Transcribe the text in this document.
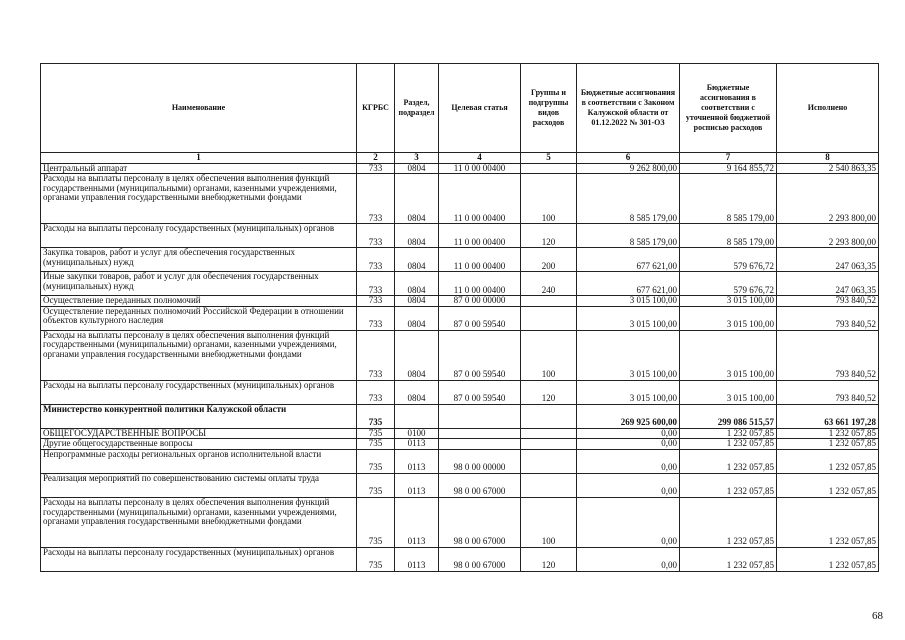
Наименование	КГРБС	Раздел, подраздел	Целевая статья	Группы и подгруппы видов расходов	Бюджетные ассигнования в соответствии с Законом Калужской области от 01.12.2022 № 301-ОЗ	Бюджетные ассигнования в соответствии с уточненной бюджетной росписью расходов	Исполнено
1	2	3	4	5	6	7	8
Центральный аппарат	733	0804	11 0 00 00400		9 262 800,00	9 164 855,72	2 540 863,35
Расходы на выплаты персоналу в целях обеспечения выполнения функций государственными (муниципальными) органами, казенными учреждениями, органами управления государственными внебюджетными фондами	733	0804	11 0 00 00400	100	8 585 179,00	8 585 179,00	2 293 800,00
Расходы на выплаты персоналу государственных (муниципальных) органов	733	0804	11 0 00 00400	120	8 585 179,00	8 585 179,00	2 293 800,00
Закупка товаров, работ и услуг для обеспечения государственных (муниципальных) нужд	733	0804	11 0 00 00400	200	677 621,00	579 676,72	247 063,35
Иные закупки товаров, работ и услуг для обеспечения государственных (муниципальных) нужд	733	0804	11 0 00 00400	240	677 621,00	579 676,72	247 063,35
Осуществление переданных полномочий	733	0804	87 0 00 00000		3 015 100,00	3 015 100,00	793 840,52
Осуществление переданных полномочий Российской Федерации в отношении объектов культурного наследия	733	0804	87 0 00 59540		3 015 100,00	3 015 100,00	793 840,52
Расходы на выплаты персоналу в целях обеспечения выполнения функций государственными (муниципальными) органами, казенными учреждениями, органами управления государственными внебюджетными фондами	733	0804	87 0 00 59540	100	3 015 100,00	3 015 100,00	793 840,52
Расходы на выплаты персоналу государственных (муниципальных) органов	733	0804	87 0 00 59540	120	3 015 100,00	3 015 100,00	793 840,52
Министерство конкурентной политики Калужской области	735				269 925 600,00	299 086 515,57	63 661 197,28
ОБЩЕГОСУДАРСТВЕННЫЕ ВОПРОСЫ	735	0100			0,00	1 232 057,85	1 232 057,85
Другие общегосударственные вопросы	735	0113			0,00	1 232 057,85	1 232 057,85
Непрограммные расходы региональных органов исполнительной власти	735	0113	98 0 00 00000		0,00	1 232 057,85	1 232 057,85
Реализация мероприятий по совершенствованию системы оплаты труда	735	0113	98 0 00 67000		0,00	1 232 057,85	1 232 057,85
Расходы на выплаты персоналу в целях обеспечения выполнения функций государственными (муниципальными) органами, казенными учреждениями, органами управления государственными внебюджетными фондами	735	0113	98 0 00 67000	100	0,00	1 232 057,85	1 232 057,85
Расходы на выплаты персоналу государственных (муниципальных) органов	735	0113	98 0 00 67000	120	0,00	1 232 057,85	1 232 057,85
68
